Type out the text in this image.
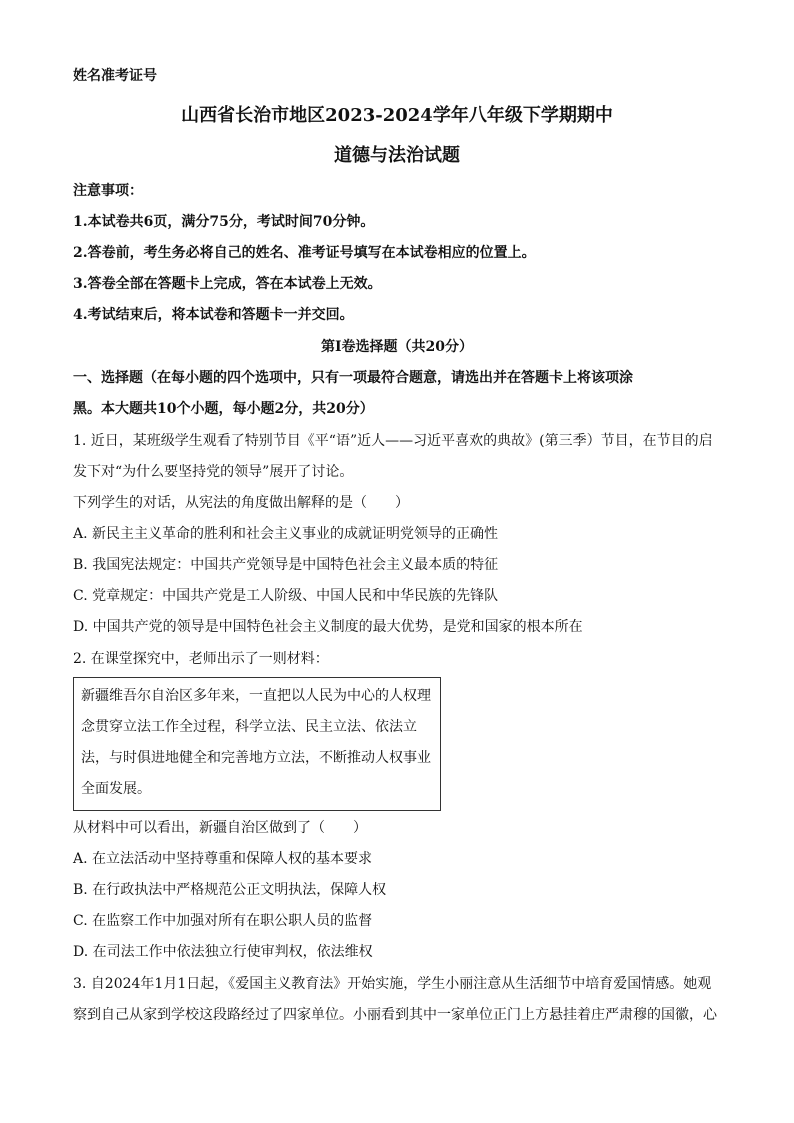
姓名准考证号
山西省长治市地区2023-2024学年八年级下学期期中
道德与法治试题
注意事项：
1.本试卷共6页，满分75分，考试时间70分钟。
2.答卷前，考生务必将自己的姓名、准考证号填写在本试卷相应的位置上。
3.答卷全部在答题卡上完成，答在本试卷上无效。
4.考试结束后，将本试卷和答题卡一并交回。
第Ⅰ卷选择题（共20分）
一、选择题（在每小题的四个选项中，只有一项最符合题意，请选出并在答题卡上将该项涂
黑。本大题共10个小题，每小题2分，共20分）
1. 近日，某班级学生观看了特别节目《平“语”近人——习近平喜欢的典故》(第三季）节目，在节目的启
发下对“为什么要坚持党的领导”展开了讨论。
下列学生的对话，从宪法的角度做出解释的是（　　）
A. 新民主主义革命的胜利和社会主义事业的成就证明党领导的正确性
B. 我国宪法规定：中国共产党领导是中国特色社会主义最本质的特征
C. 党章规定：中国共产党是工人阶级、中国人民和中华民族的先锋队
D. 中国共产党的领导是中国特色社会主义制度的最大优势，是党和国家的根本所在
2. 在课堂探究中，老师出示了一则材料：
新疆维吾尔自治区多年来，一直把以人民为中心的人权理
念贯穿立法工作全过程，科学立法、民主立法、依法立
法，与时俱进地健全和完善地方立法，不断推动人权事业
全面发展。
从材料中可以看出，新疆自治区做到了（　　）
A. 在立法活动中坚持尊重和保障人权的基本要求
B. 在行政执法中严格规范公正文明执法，保障人权
C. 在监察工作中加强对所有在职公职人员的监督
D. 在司法工作中依法独立行使审判权，依法维权
3. 自2024年1月1日起，《爱国主义教育法》开始实施，学生小丽注意从生活细节中培育爱国情感。她观
察到自己从家到学校这段路经过了四家单位。小丽看到其中一家单位正门上方悬挂着庄严肃穆的国徽，心
